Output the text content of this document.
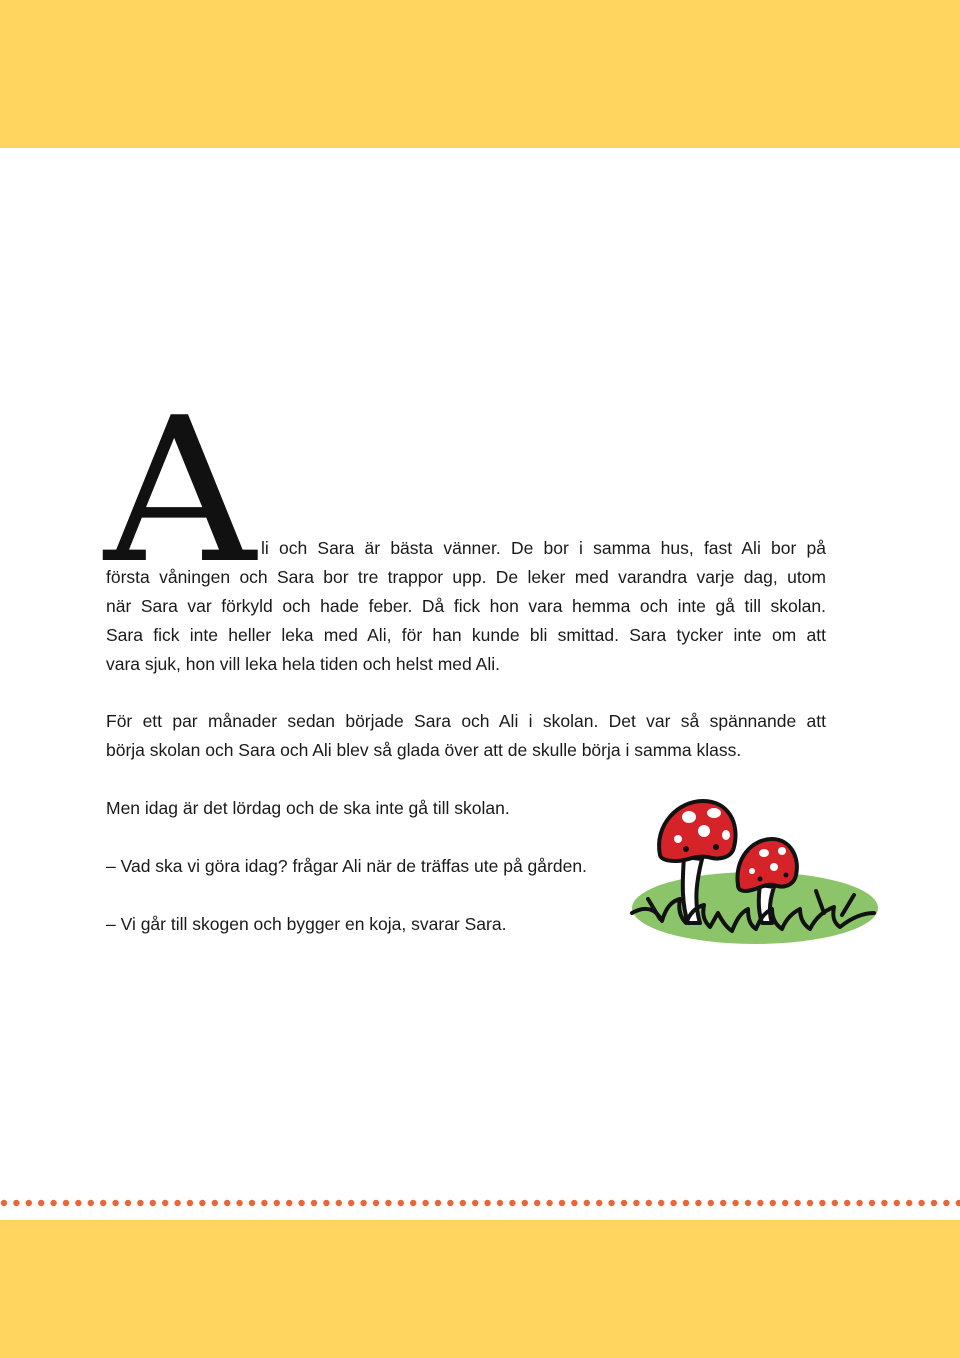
A li och Sara är bästa vänner. De bor i samma hus, fast Ali bor på
första våningen och Sara bor tre trappor upp. De leker med varandra varje dag, utom
när Sara var förkyld och hade feber. Då fick hon vara hemma och inte gå till skolan.
Sara fick inte heller leka med Ali, för han kunde bli smittad. Sara tycker inte om att
vara sjuk, hon vill leka hela tiden och helst med Ali.
För ett par månader sedan började Sara och Ali i skolan. Det var så spännande att
börja skolan och Sara och Ali blev så glada över att de skulle börja i samma klass.
Men idag är det lördag och de ska inte gå till skolan.
– Vad ska vi göra idag? frågar Ali när de träffas ute på gården.
– Vi går till skogen och bygger en koja, svarar Sara.
